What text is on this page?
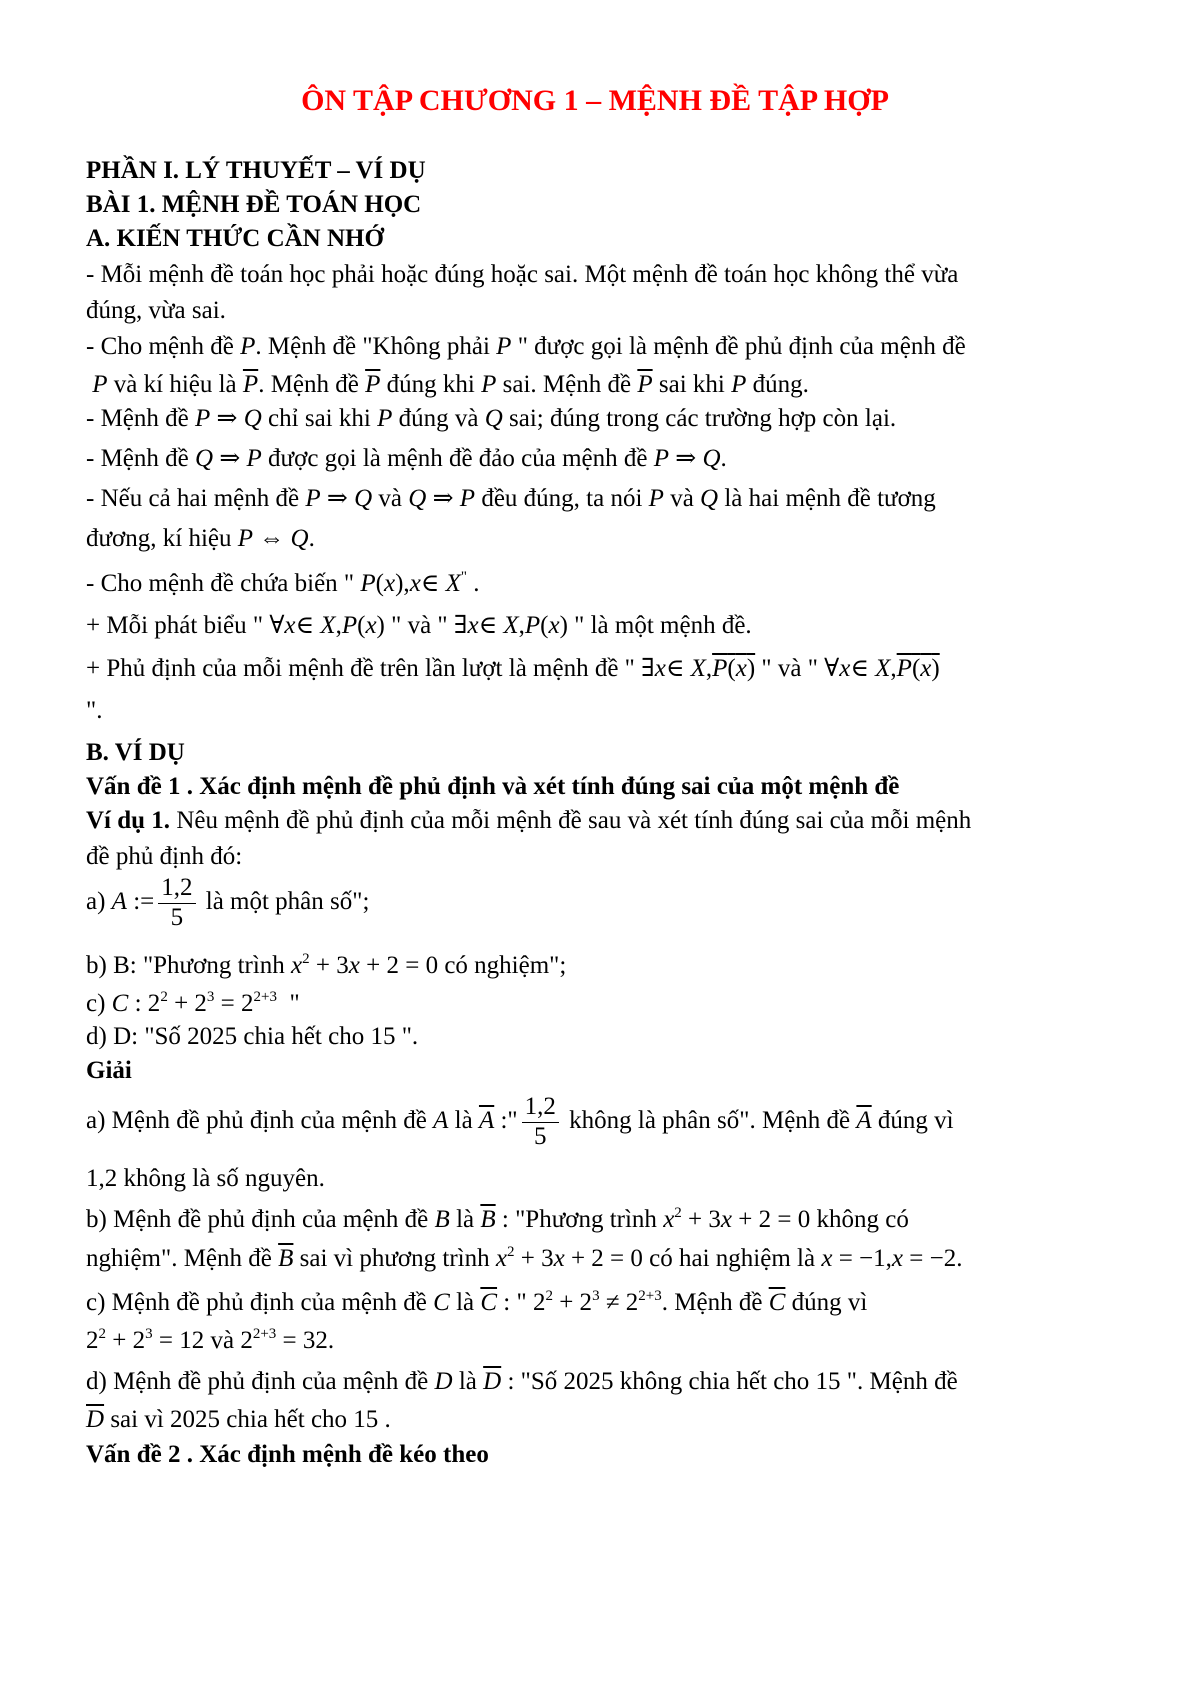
ÔN TẬP CHƯƠNG 1 – MỆNH ĐỀ TẬP HỢP
PHẦN I. LÝ THUYẾT – VÍ DỤ
BÀI 1. MỆNH ĐỀ TOÁN HỌC
A. KIẾN THỨC CẦN NHỚ
- Mỗi mệnh đề toán học phải hoặc đúng hoặc sai. Một mệnh đề toán học không thể vừa
đúng, vừa sai.
- Cho mệnh đề P. Mệnh đề "Không phải P " được gọi là mệnh đề phủ định của mệnh đề
P và kí hiệu là $\overline{P}$. Mệnh đề $\overline{P}$ đúng khi P sai. Mệnh đề $\overline{P}$ sai khi P đúng.
- Mệnh đề P ⇒ Q chỉ sai khi P đúng và Q sai; đúng trong các trường hợp còn lại.
- Mệnh đề Q ⇒ P được gọi là mệnh đề đảo của mệnh đề P ⇒ Q.
- Nếu cả hai mệnh đề P ⇒ Q và Q ⇒ P đều đúng, ta nói P và Q là hai mệnh đề tương
đương, kí hiệu P ⇔ Q.
- Cho mệnh đề chứa biến " P(x),x∈ X" .
+ Mỗi phát biểu " ∀x∈ X,P(x) " và " ∃x∈ X,P(x) " là một mệnh đề.
+ Phủ định của mỗi mệnh đề trên lần lượt là mệnh đề " ∃x∈ X,P(x) " và " ∀x∈ X,P(x)
".
B. VÍ DỤ
Vấn đề 1 . Xác định mệnh đề phủ định và xét tính đúng sai của một mệnh đề
Ví dụ 1. Nêu mệnh đề phủ định của mỗi mệnh đề sau và xét tính đúng sai của mỗi mệnh
đề phủ định đó:
a) A := $\frac{1,2}{5}$ là một phân số";
b) B: "Phương trình $x^2 + 3x + 2 = 0$ có nghiệm";
c) C : $2^2 + 2^3 = 2^{2+3}$  "
d) D: "Số 2025 chia hết cho 15 ".
Giải
a) Mệnh đề phủ định của mệnh đề A là $\overline{A}$ :" $\frac{1,2}{5}$ không là phân số". Mệnh đề $\overline{A}$ đúng vì
1,2 không là số nguyên.
b) Mệnh đề phủ định của mệnh đề B là $\overline{B}$ : "Phương trình $x^2 + 3x + 2 = 0$ không có
nghiệm". Mệnh đề $\overline{B}$ sai vì phương trình $x^2 + 3x + 2 = 0$ có hai nghiệm là x = −1,x = −2.
c) Mệnh đề phủ định của mệnh đề C là $\overline{C}$ : " $2^2 + 2^3 \ne 2^{2+3}$. Mệnh đề $\overline{C}$ đúng vì
$2^2 + 2^3 = 12$ và $2^{2+3} = 32$.
d) Mệnh đề phủ định của mệnh đề D là $\overline{D}$ : "Số 2025 không chia hết cho 15 ". Mệnh đề
$\overline{D}$ sai vì 2025 chia hết cho 15 .
Vấn đề 2 . Xác định mệnh đề kéo theo
